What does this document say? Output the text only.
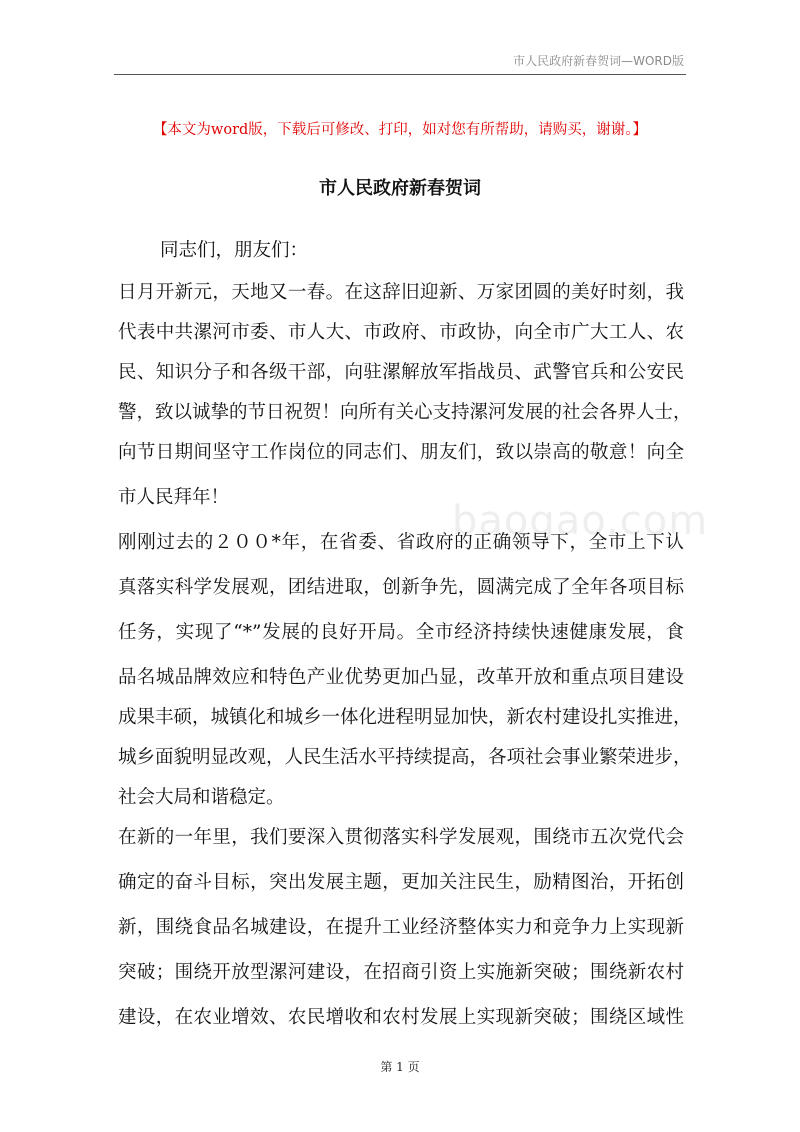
市人民政府新春贺词—WORD版
【本文为word版，下载后可修改、打印，如对您有所帮助，请购买，谢谢。】
市人民政府新春贺词
同志们，朋友们：
baogao.com
日月开新元，天地又一春。在这辞旧迎新、万家团圆的美好时刻，我
代表中共漯河市委、市人大、市政府、市政协，向全市广大工人、农
民、知识分子和各级干部，向驻漯解放军指战员、武警官兵和公安民
警，致以诚挚的节日祝贺！向所有关心支持漯河发展的社会各界人士，
向节日期间坚守工作岗位的同志们、朋友们，致以崇高的敬意！向全
市人民拜年！
刚刚过去的２００*年，在省委、省政府的正确领导下，全市上下认
真落实科学发展观，团结进取，创新争先，圆满完成了全年各项目标
任务，实现了“*”发展的良好开局。全市经济持续快速健康发展，食
品名城品牌效应和特色产业优势更加凸显，改革开放和重点项目建设
成果丰硕，城镇化和城乡一体化进程明显加快，新农村建设扎实推进，
城乡面貌明显改观，人民生活水平持续提高，各项社会事业繁荣进步，
社会大局和谐稳定。
在新的一年里，我们要深入贯彻落实科学发展观，围绕市五次党代会
确定的奋斗目标，突出发展主题，更加关注民生，励精图治，开拓创
新，围绕食品名城建设，在提升工业经济整体实力和竞争力上实现新
突破；围绕开放型漯河建设，在招商引资上实施新突破；围绕新农村
建设，在农业增效、农民增收和农村发展上实现新突破；围绕区域性
第 1 页
